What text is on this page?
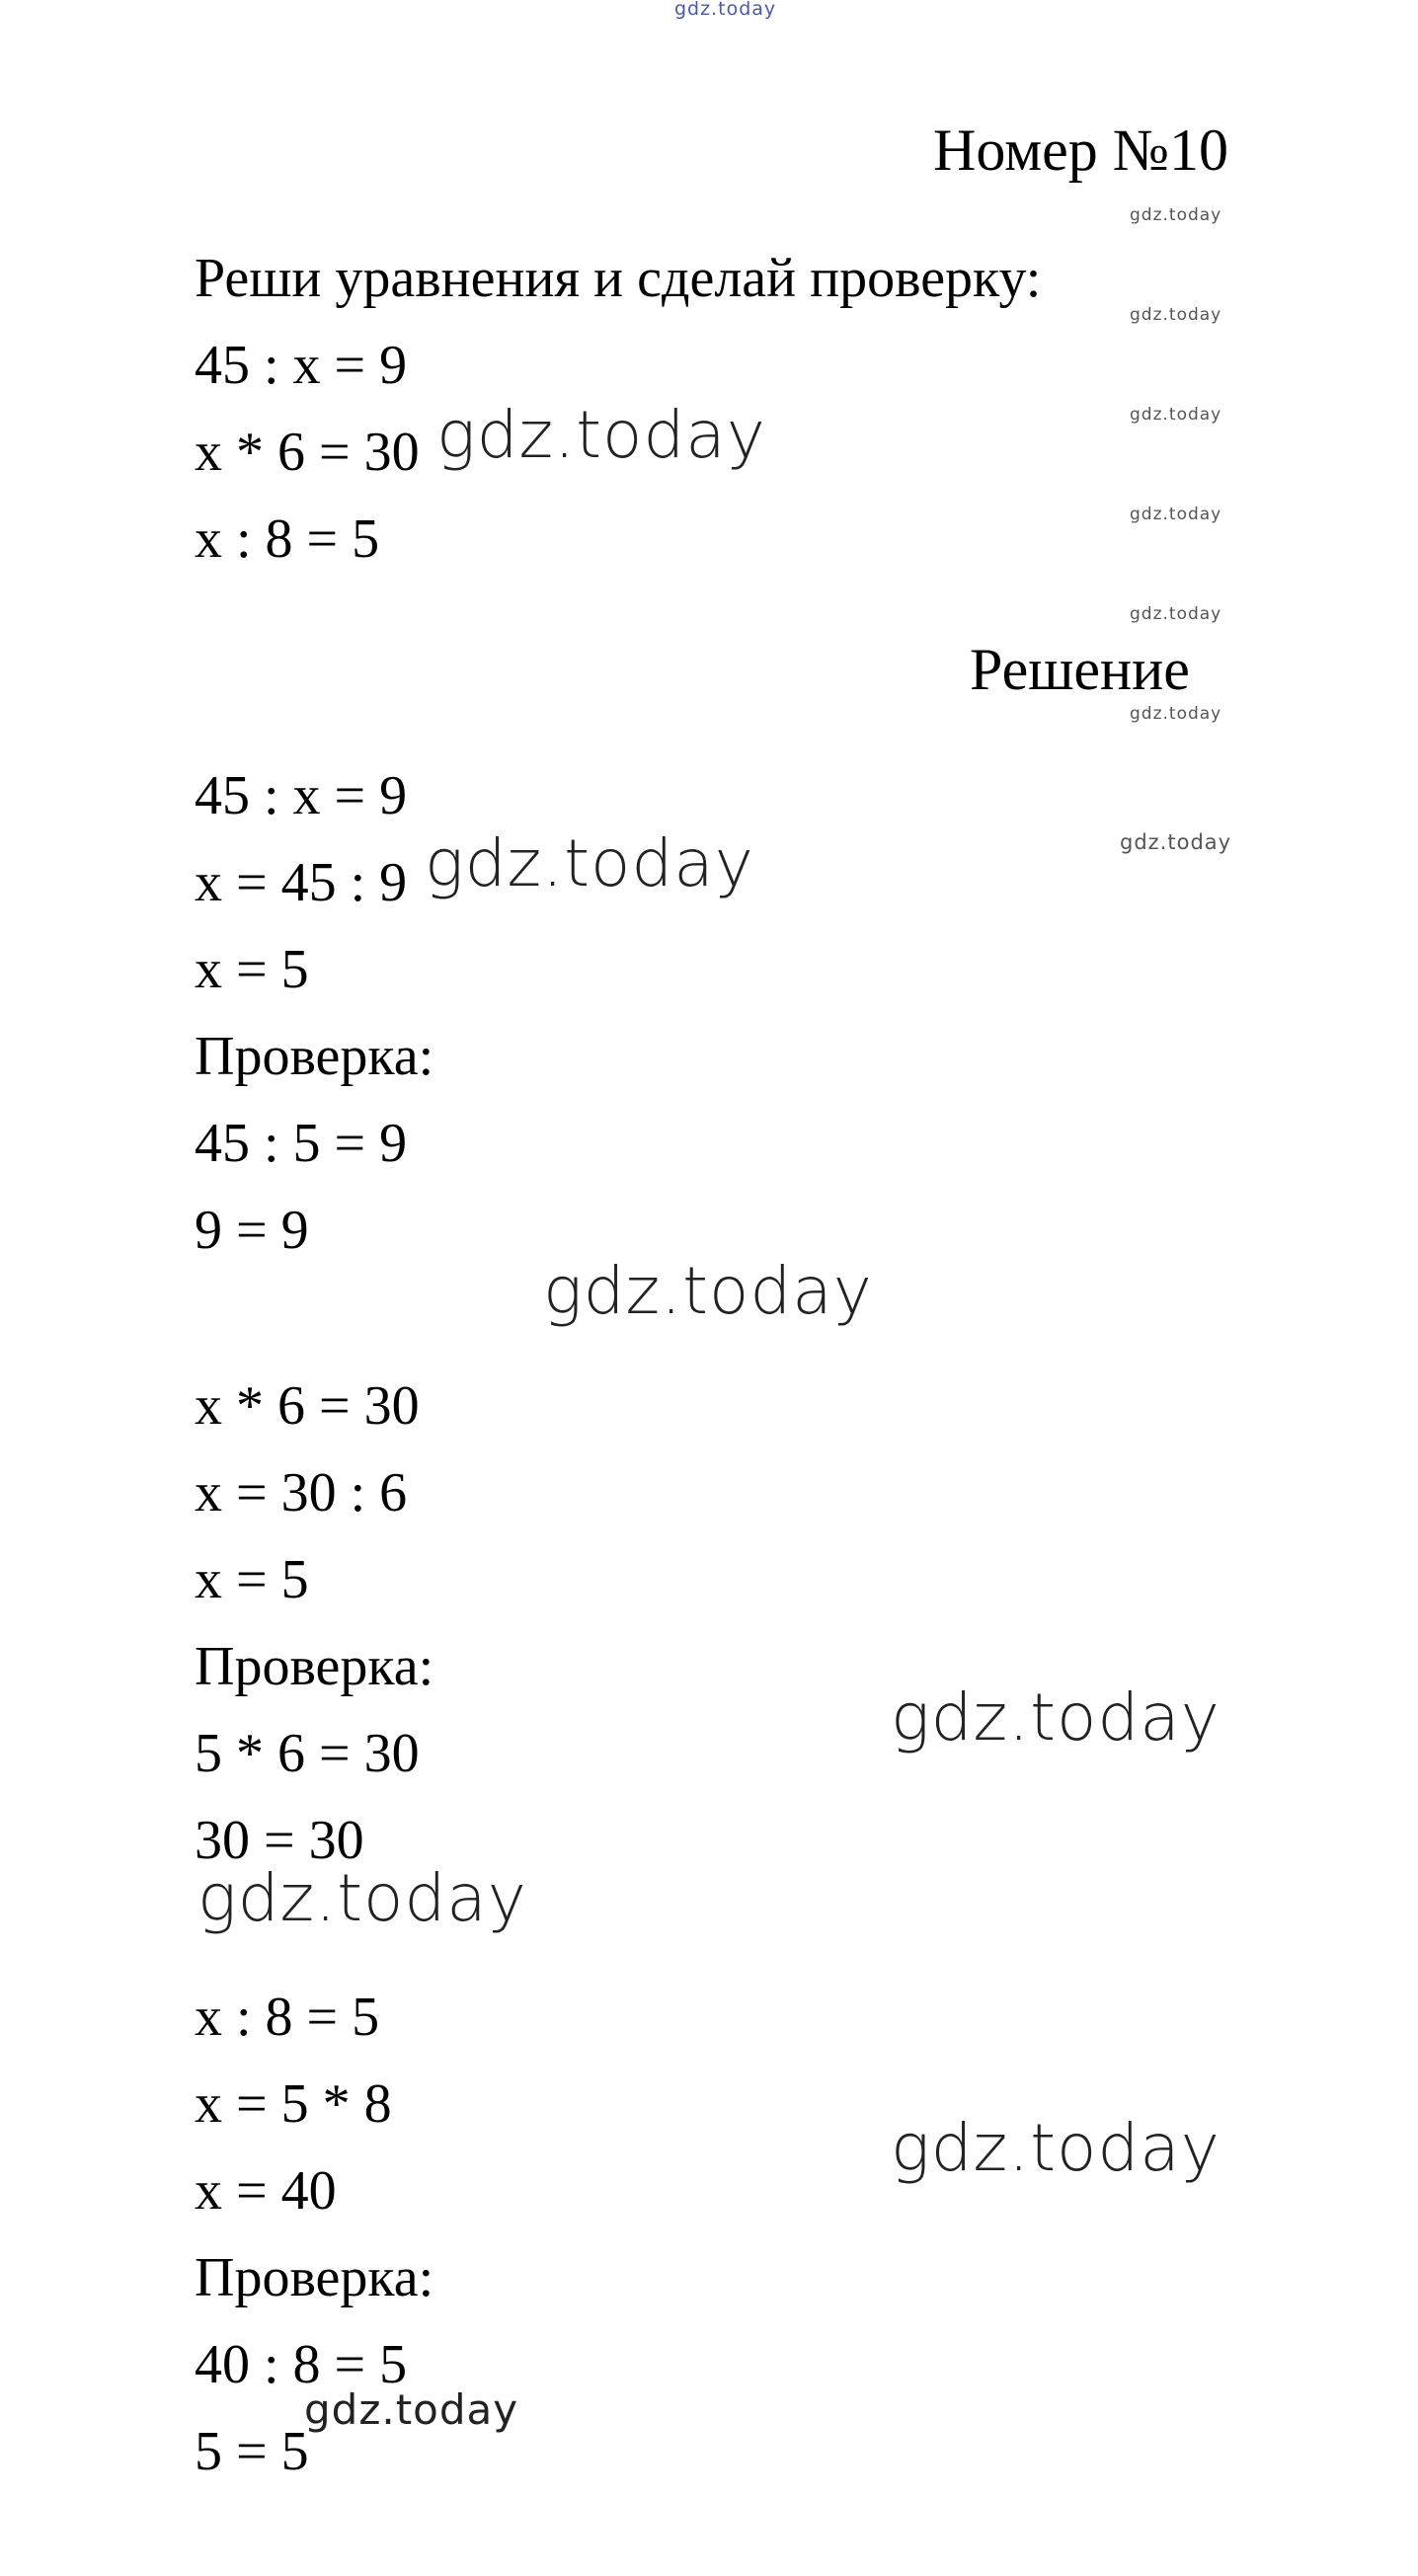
gdz.today
Номер №10
Реши уравнения и сделай проверку:
45 : x = 9
x * 6 = 30
x : 8 = 5
Решение
45 : x = 9
x = 45 : 9
x = 5
Проверка:
45 : 5 = 9
9 = 9
x * 6 = 30
x = 30 : 6
x = 5
Проверка:
5 * 6 = 30
30 = 30
x : 8 = 5
x = 5 * 8
x = 40
Проверка:
40 : 8 = 5
5 = 5
gdz.today
gdz.today
gdz.today
gdz.today
gdz.today
gdz.today
gdz.today
gdz.today
gdz.today
gdz.today
gdz.today
gdz.today
gdz.today
gdz.today
